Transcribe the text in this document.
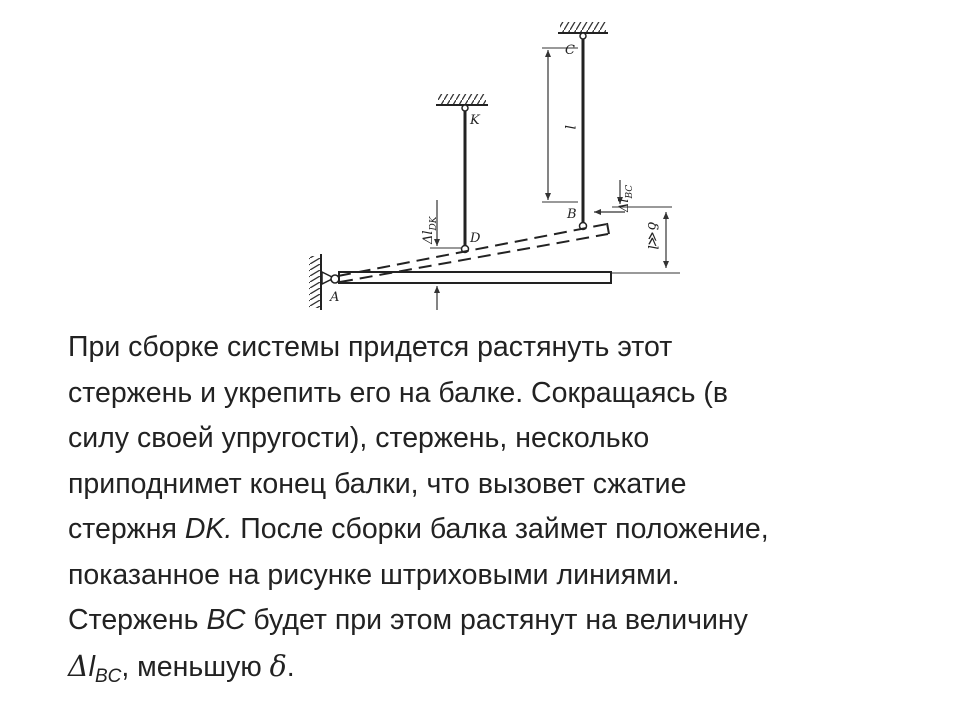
C
K
B
D
A
l
$\Delta l_{DK}$
$\Delta l_{BC}$
δ≪l

При сборке системы придется растянуть этот

стержень и укрепить его на балке. Сокращаясь (в

силу своей упругости), стержень, несколько

приподнимет конец балки, что вызовет сжатие

стержня DK. После сборки балка займет положение,

показанное на рисунке штриховыми линиями.

Стержень ВС будет при этом растянут на величину

$\Delta l_{BC}$, меньшую δ.
